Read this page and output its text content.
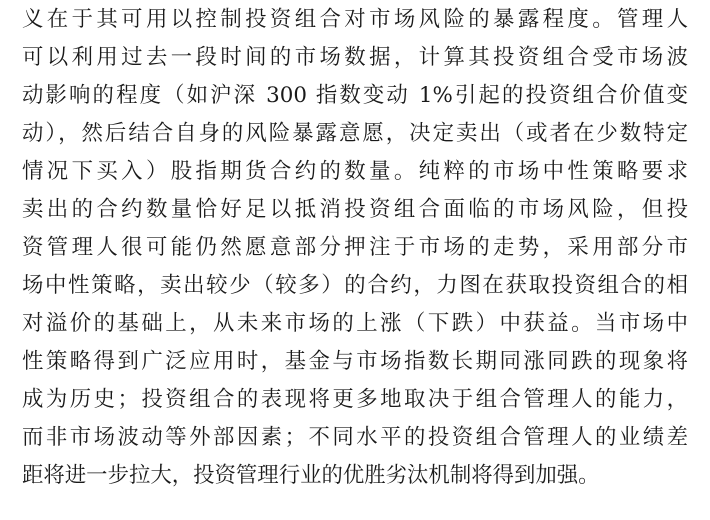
义在于其可用以控制投资组合对市场风险的暴露程度。管理人
可以利用过去一段时间的市场数据，计算其投资组合受市场波
动影响的程度（如沪深 300 指数变动 1%引起的投资组合价值变
动），然后结合自身的风险暴露意愿，决定卖出（或者在少数特定
情况下买入）股指期货合约的数量。纯粹的市场中性策略要求
卖出的合约数量恰好足以抵消投资组合面临的市场风险，但投
资管理人很可能仍然愿意部分押注于市场的走势，采用部分市
场中性策略，卖出较少（较多）的合约，力图在获取投资组合的相
对溢价的基础上，从未来市场的上涨（下跌）中获益。当市场中
性策略得到广泛应用时，基金与市场指数长期同涨同跌的现象将
成为历史；投资组合的表现将更多地取决于组合管理人的能力，
而非市场波动等外部因素；不同水平的投资组合管理人的业绩差
距将进一步拉大，投资管理行业的优胜劣汰机制将得到加强。
